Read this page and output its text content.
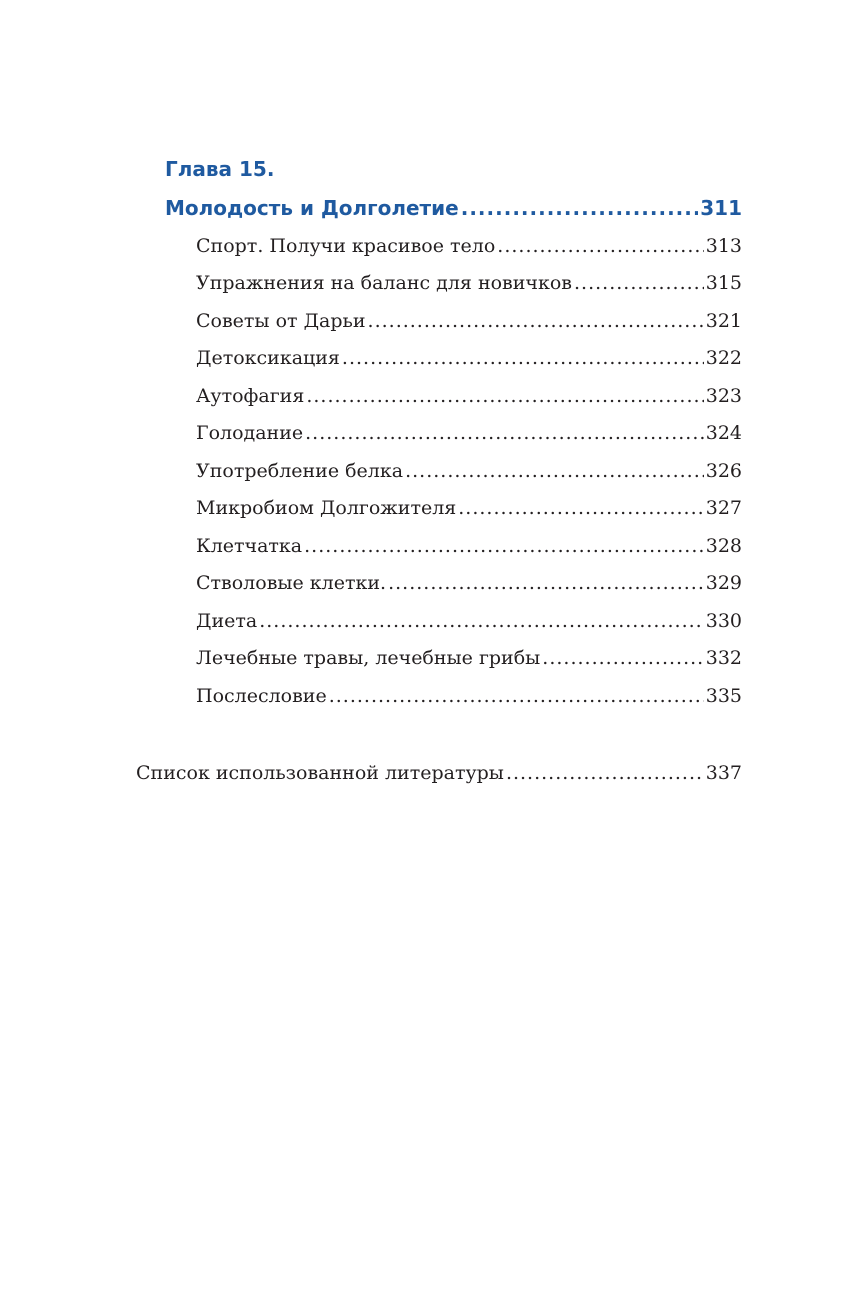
Глава 15.
Молодость и Долголетие .....	311
Спорт. Получи красивое тело .....	313
Упражнения на баланс для новичков .....	315
Советы от Дарьи .....	321
Детоксикация .....	322
Аутофагия .....	323
Голодание .....	324
Употребление белка .....	326
Микробиом Долгожителя .....	327
Клетчатка .....	328
Стволовые клетки. .....	329
Диета .....	330
Лечебные травы, лечебные грибы .....	332
Послесловие .....	335
Список использованной литературы .....	337
